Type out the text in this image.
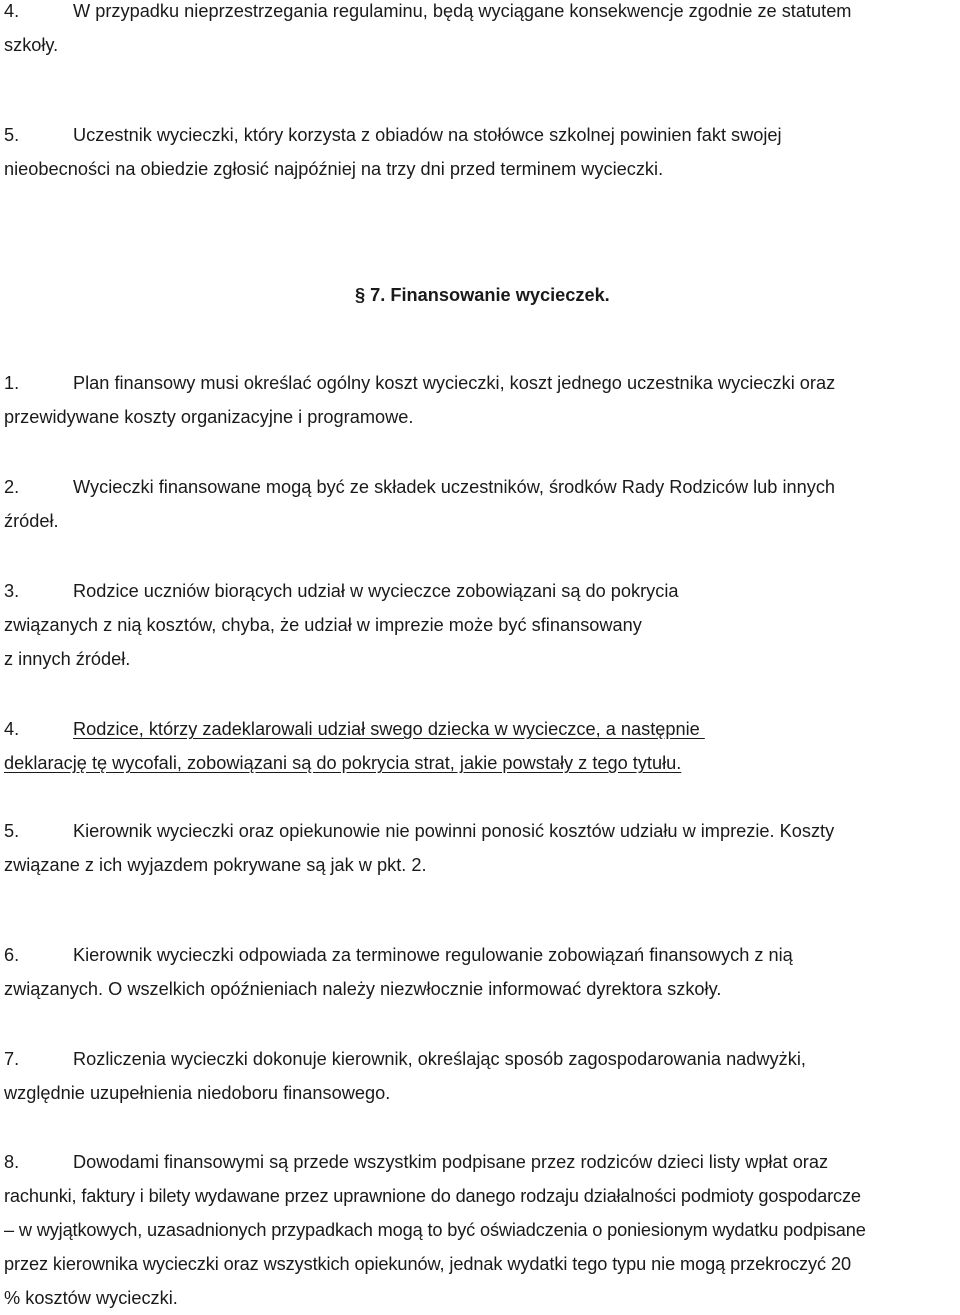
4.	W przypadku nieprzestrzegania regulaminu, będą wyciągane konsekwencje zgodnie ze statutem
szkoły.
5.	Uczestnik wycieczki, który korzysta z obiadów na stołówce szkolnej powinien fakt swojej
nieobecności na obiedzie zgłosić najpóźniej na trzy dni przed terminem wycieczki.
§ 7. Finansowanie wycieczek.
1.	Plan finansowy musi określać ogólny koszt wycieczki, koszt jednego uczestnika wycieczki oraz
przewidywane koszty organizacyjne i programowe.
2.	Wycieczki finansowane mogą być ze składek uczestników, środków Rady Rodziców lub innych
źródeł.
3.	Rodzice uczniów biorących udział w wycieczce zobowiązani są do pokrycia
związanych z nią kosztów, chyba, że udział w imprezie może być sfinansowany
z innych źródeł.
4.	Rodzice, którzy zadeklarowali udział swego dziecka w wycieczce, a następnie
deklarację tę wycofali, zobowiązani są do pokrycia strat, jakie powstały z tego tytułu.
5.	Kierownik wycieczki oraz opiekunowie nie powinni ponosić kosztów udziału w imprezie. Koszty
związane z ich wyjazdem pokrywane są jak w pkt. 2.
6.	Kierownik wycieczki odpowiada za terminowe regulowanie zobowiązań finansowych z nią
związanych. O wszelkich opóźnieniach należy niezwłocznie informować dyrektora szkoły.
7.	Rozliczenia wycieczki dokonuje kierownik, określając sposób zagospodarowania nadwyżki,
względnie uzupełnienia niedoboru finansowego.
8.	Dowodami finansowymi są przede wszystkim podpisane przez rodziców dzieci listy wpłat oraz
rachunki, faktury i bilety wydawane przez uprawnione do danego rodzaju działalności podmioty gospodarcze
– w wyjątkowych, uzasadnionych przypadkach mogą to być oświadczenia o poniesionym wydatku podpisane
przez kierownika wycieczki oraz wszystkich opiekunów, jednak wydatki tego typu nie mogą przekroczyć 20
% kosztów wycieczki.
